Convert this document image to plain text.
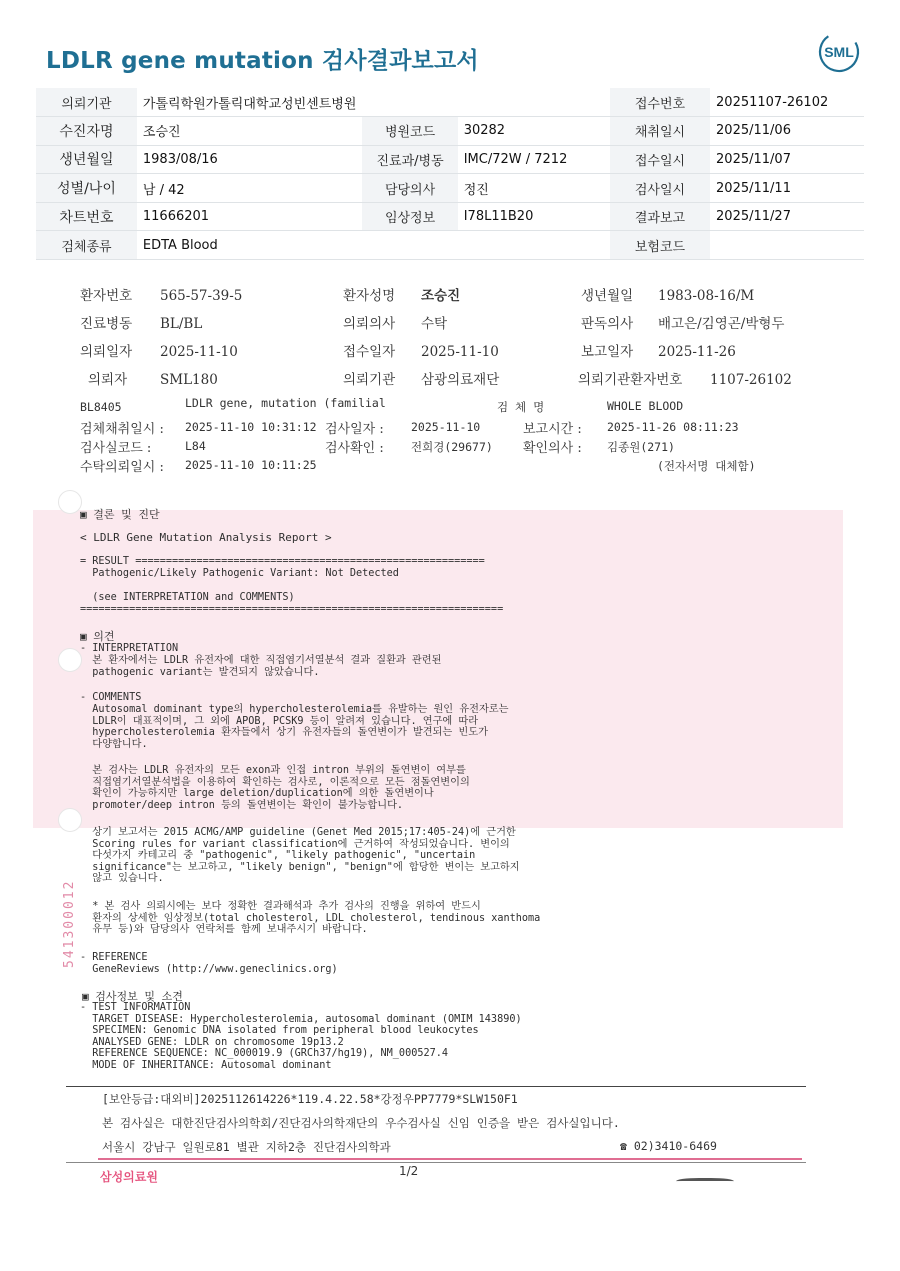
LDLR gene mutation 검사결과보고서	SML
의뢰기관	가톨릭학원가톨릭대학교성빈센트병원			접수번호	20251107-26102
수진자명	조승진	병원코드	30282	채취일시	2025/11/06
생년월일	1983/08/16	진료과/병동	IMC/72W / 7212	접수일시	2025/11/07
성별/나이	남 / 42	담당의사	정진	검사일시	2025/11/11
차트번호	11666201	임상정보	I78L11B20	결과보고	2025/11/27
검체종류	EDTA Blood			보험코드	
환자번호 565-57-39-5	환자성명 조승진	생년월일 1983-08-16/M
진료병동 BL/BL	의뢰의사 수탁	판독의사 배고은/김영곤/박형두
의뢰일자 2025-11-10	접수일자 2025-11-10	보고일자 2025-11-26
의뢰자 SML180	의뢰기관 삼광의료재단	의뢰기관환자번호 1107-26102
BL8405	LDLR gene, mutation (familial	검 체 명	WHOLE BLOOD
검체채취일시 :	2025-11-10 10:31:12 검사일자 : 2025-11-10	보고시간 : 2025-11-26 08:11:23
검사실코드 :	L84	검사확인 : 전희경(29677) 확인의사 : 김종원(271)
수탁의뢰일시 : 2025-11-10 10:11:25	(전자서명 대체함)
▣ 결론 및 진단
< LDLR Gene Mutation Analysis Report >
= RESULT =========================================================
Pathogenic/Likely Pathogenic Variant: Not Detected
(see INTERPRETATION and COMMENTS)
=====================================================================
▣ 의견
- INTERPRETATION
본 환자에서는 LDLR 유전자에 대한 직접염기서열분석 결과 질환과 관련된
pathogenic variant는 발견되지 않았습니다.
- COMMENTS
Autosomal dominant type의 hypercholesterolemia를 유발하는 원인 유전자로는
LDLR이 대표적이며, 그 외에 APOB, PCSK9 등이 알려져 있습니다. 연구에 따라
hypercholesterolemia 환자들에서 상기 유전자들의 돌연변이가 발견되는 빈도가
다양합니다.
본 검사는 LDLR 유전자의 모든 exon과 인접 intron 부위의 돌연변이 여부를
직접염기서열분석법을 이용하여 확인하는 검사로, 이론적으로 모든 점돌연변이의
확인이 가능하지만 large deletion/duplication에 의한 돌연변이나
promoter/deep intron 등의 돌연변이는 확인이 불가능합니다.
상기 보고서는 2015 ACMG/AMP guideline (Genet Med 2015;17:405-24)에 근거한
Scoring rules for variant classification에 근거하여 작성되었습니다. 변이의
다섯가지 카테고리 중 "pathogenic", "likely pathogenic", "uncertain
significance"는 보고하고, "likely benign", "benign"에 합당한 변이는 보고하지
않고 있습니다.
* 본 검사 의뢰시에는 보다 정확한 결과해석과 추가 검사의 진행을 위하여 반드시
환자의 상세한 임상정보(total cholesterol, LDL cholesterol, tendinous xanthoma
유무 등)와 담당의사 연락처를 함께 보내주시기 바랍니다.
- REFERENCE
GeneReviews (http://www.geneclinics.org)
▣ 검사정보 및 소견
- TEST INFORMATION
TARGET DISEASE: Hypercholesterolemia, autosomal dominant (OMIM 143890)
SPECIMEN: Genomic DNA isolated from peripheral blood leukocytes
ANALYSED GENE: LDLR on chromosome 19p13.2
REFERENCE SEQUENCE: NC_000019.9 (GRCh37/hg19), NM_000527.4
MODE OF INHERITANCE: Autosomal dominant
[보안등급:대외비]2025112614226*119.4.22.58*강정우PP7779*SLW150F1
본 검사실은 대한진단검사의학회/진단검사의학재단의 우수검사실 신임 인증을 받은 검사실입니다.
서울시 강남구 일원로81 별관 지하2층 진단검사의학과	☎ 02)3410-6469
541300012
삼성의료원	1/2
